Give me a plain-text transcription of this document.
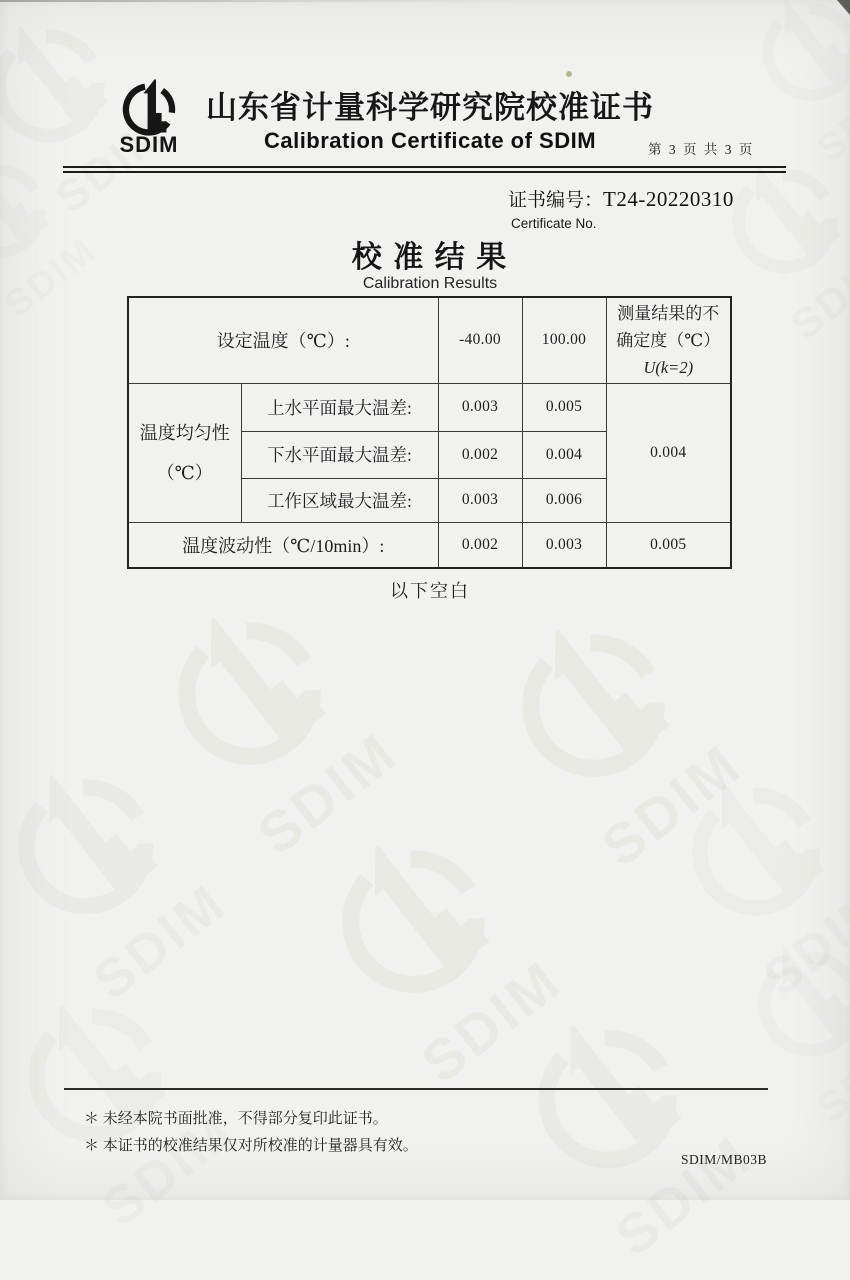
SDIM
山东省计量科学研究院校准证书
Calibration Certificate of SDIM	第 3 页 共 3 页
证书编号：T24-20220310
Certificate No.
校 准 结 果
Calibration Results
设定温度（℃）:		-40.00	100.00	测量结果的不
确定度（℃）
U(k=2)

温度均匀性
（℃）	上水平面最大温差:	0.003	0.005	0.004
	下水平面最大温差:	0.002	0.004	
	工作区域最大温差:	0.003	0.006	
温度波动性（℃/10min）:		0.002	0.003	0.005
以下空白
＊ 未经本院书面批准，不得部分复印此证书。
＊ 本证书的校准结果仅对所校准的计量器具有效。
SDIM/MB03B
